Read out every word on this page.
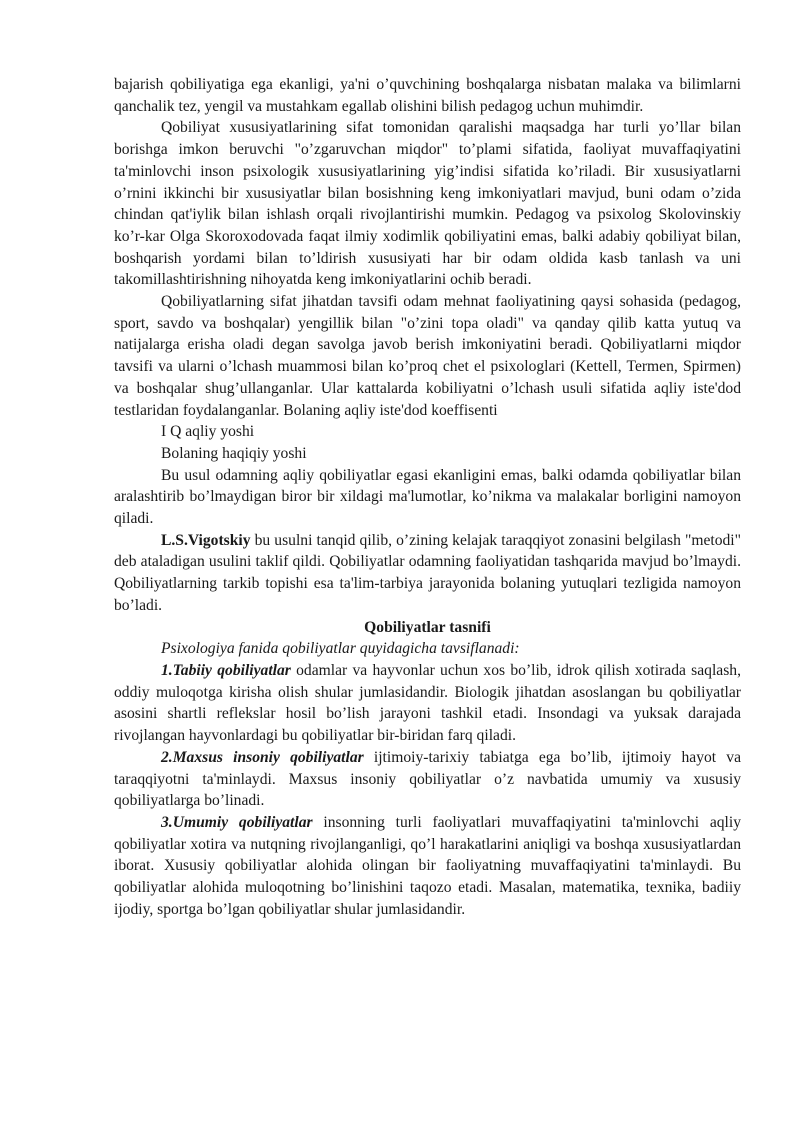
bajarish qobiliyatiga ega ekanligi, ya'ni o’quvchining boshqalarga nisbatan malaka va bilimlarni qanchalik tez, yengil va mustahkam egallab olishini bilish pedagog uchun muhimdir.

Qobiliyat xususiyatlarining sifat tomonidan qaralishi maqsadga har turli yo’llar bilan borishga imkon beruvchi "o’zgaruvchan miqdor" to’plami sifatida, faoliyat muvaffaqiyatini ta'minlovchi inson psixologik xususiyatlarining yig’indisi sifatida ko’riladi. Bir xususiyatlarni o’rnini ikkinchi bir xususiyatlar bilan bosishning keng imkoniyatlari mavjud, buni odam o’zida chindan qat'iylik bilan ishlash orqali rivojlantirishi mumkin. Pedagog va psixolog Skolovinskiy ko’r-kar Olga Skoroxodovada faqat ilmiy xodimlik qobiliyatini emas, balki adabiy qobiliyat bilan, boshqarish yordami bilan to’ldirish xususiyati har bir odam oldida kasb tanlash va uni takomillashtirishning nihoyatda keng imkoniyatlarini ochib beradi.

Qobiliyatlarning sifat jihatdan tavsifi odam mehnat faoliyatining qaysi sohasida (pedagog, sport, savdo va boshqalar) yengillik bilan "o’zini topa oladi" va qanday qilib katta yutuq va natijalarga erisha oladi degan savolga javob berish imkoniyatini beradi. Qobiliyatlarni miqdor tavsifi va ularni o’lchash muammosi bilan ko’proq chet el psixologlari (Kettell, Termen, Spirmen) va boshqalar shug’ullanganlar. Ular kattalarda kobiliyatni o’lchash usuli sifatida aqliy iste'dod testlaridan foydalanganlar. Bolaning aqliy iste'dod koeffisenti

I Q aqliy yoshi

Bolaning haqiqiy yoshi

Bu usul odamning aqliy qobiliyatlar egasi ekanligini emas, balki odamda qobiliyatlar bilan aralashtirib bo’lmaydigan biror bir xildagi ma'lumotlar, ko’nikma va malakalar borligini namoyon qiladi.

L.S.Vigotskiy bu usulni tanqid qilib, o’zining kelajak taraqqiyot zonasini belgilash "metodi" deb ataladigan usulini taklif qildi. Qobiliyatlar odamning faoliyatidan tashqarida mavjud bo’lmaydi. Qobiliyatlarning tarkib topishi esa ta'lim-tarbiya jarayonida bolaning yutuqlari tezligida namoyon bo’ladi.

Qobiliyatlar tasnifi

Psixologiya fanida qobiliyatlar quyidagicha tavsiflanadi:

1.Tabiiy qobiliyatlar odamlar va hayvonlar uchun xos bo’lib, idrok qilish xotirada saqlash, oddiy muloqotga kirisha olish shular jumlasidandir. Biologik jihatdan asoslangan bu qobiliyatlar asosini shartli reflekslar hosil bo’lish jarayoni tashkil etadi. Insondagi va yuksak darajada rivojlangan hayvonlardagi bu qobiliyatlar bir-biridan farq qiladi.

2.Maxsus insoniy qobiliyatlar ijtimoiy-tarixiy tabiatga ega bo’lib, ijtimoiy hayot va taraqqiyotni ta'minlaydi. Maxsus insoniy qobiliyatlar o’z navbatida umumiy va xususiy qobiliyatlarga bo’linadi.

3.Umumiy qobiliyatlar insonning turli faoliyatlari muvaffaqiyatini ta'minlovchi aqliy qobiliyatlar xotira va nutqning rivojlanganligi, qo’l harakatlarini aniqligi va boshqa xususiyatlardan iborat. Xususiy qobiliyatlar alohida olingan bir faoliyatning muvaffaqiyatini ta'minlaydi. Bu qobiliyatlar alohida muloqotning bo’linishini taqozo etadi. Masalan, matematika, texnika, badiiy ijodiy, sportga bo’lgan qobiliyatlar shular jumlasidandir.
